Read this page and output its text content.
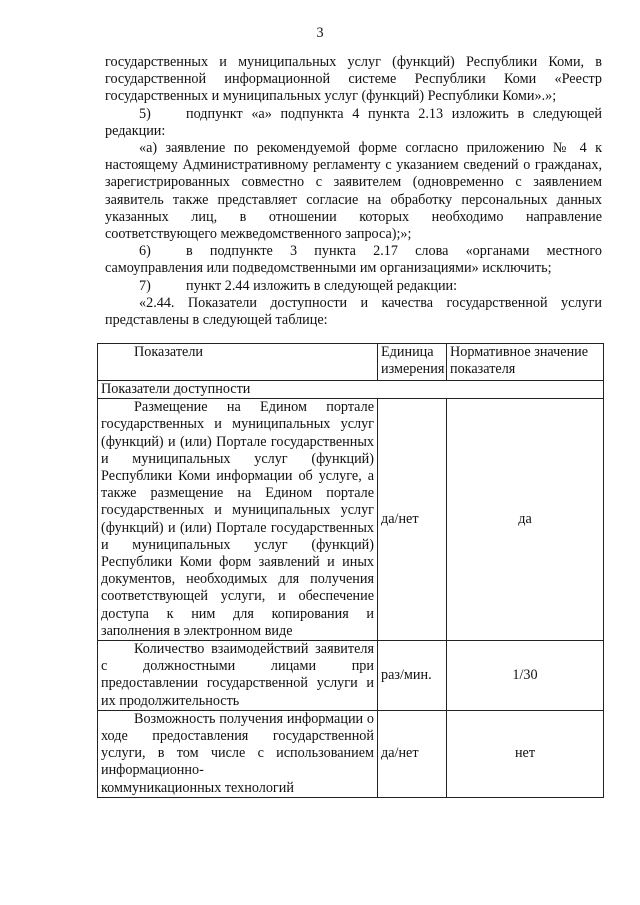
3

государственных и муниципальных услуг (функций) Республики Коми, в государственной информационной системе Республики Коми «Реестр государственных и муниципальных услуг (функций) Республики Коми».»;

5) подпункт «а» подпункта 4 пункта 2.13 изложить в следующей редакции:

«а) заявление по рекомендуемой форме согласно приложению № 4 к настоящему Административному регламенту с указанием сведений о гражданах, зарегистрированных совместно с заявителем (одновременно с заявлением заявитель также представляет согласие на обработку персональных данных указанных лиц, в отношении которых необходимо направление соответствующего межведомственного запроса);»;

6) в подпункте 3 пункта 2.17 слова «органами местного самоуправления или подведомственными им организациями» исключить;

7) пункт 2.44 изложить в следующей редакции:

«2.44. Показатели доступности и качества государственной услуги представлены в следующей таблице:

Показатели	Единица измерения	Нормативное значение показателя
Показатели доступности		

Размещение на Едином портале государственных и муниципальных услуг (функций) и (или) Портале государственных и муниципальных услуг (функций) Республики Коми информации об услуге, а также размещение на Едином портале государственных и муниципальных услуг (функций) и (или) Портале государственных и муниципальных услуг (функций) Республики Коми форм заявлений и иных документов, необходимых для получения соответствующей услуги, и обеспечение доступа к ним для копирования и
заполнения в электронном виде	да/нет	да

Количество взаимодействий заявителя с должностными лицами при предоставлении государственной услуги и
их продолжительность	раз/мин.	1/30

Возможность получения информации о ходе предоставления государственной услуги, в том числе с использованием информационно-
коммуникационных технологий	да/нет	нет
